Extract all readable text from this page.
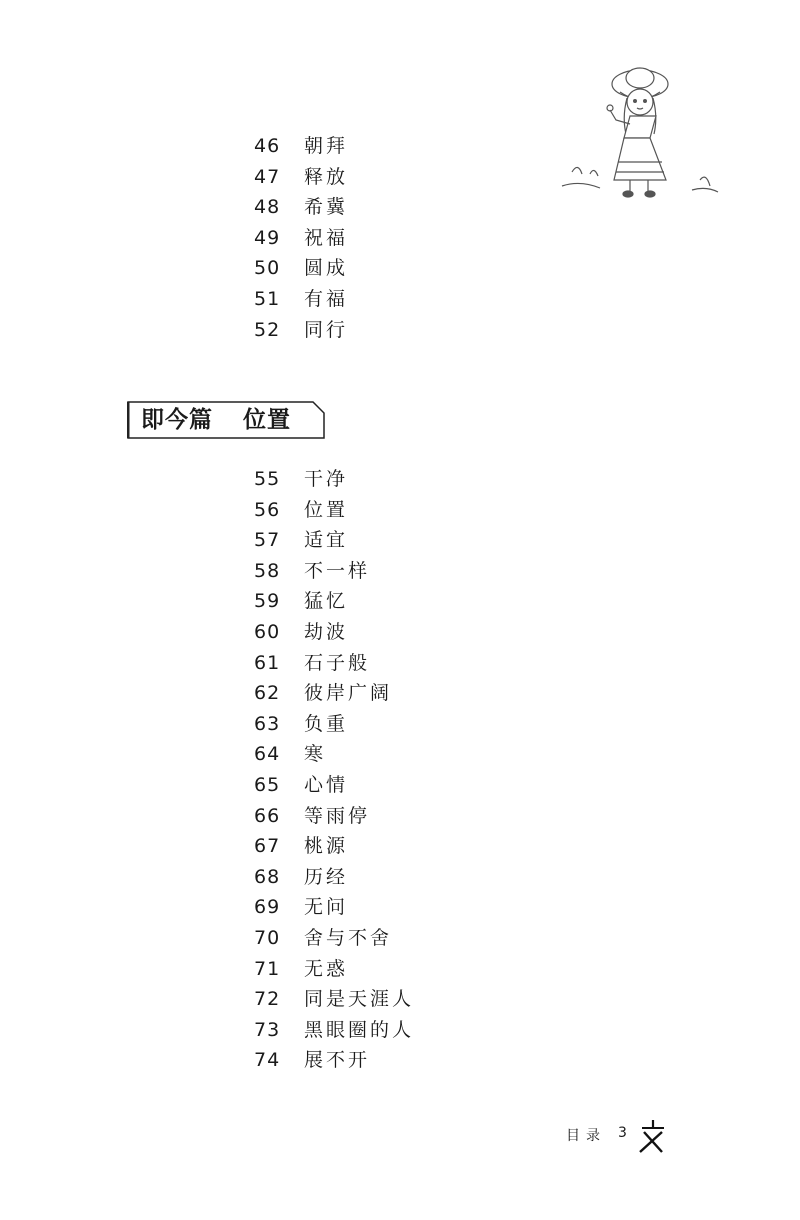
46 朝拜
47 释放
48 希冀
49 祝福
50 圆成
51 有福
52 同行
即今篇 位置
55 干净
56 位置
57 适宜
58 不一样
59 猛忆
60 劫波
61 石子般
62 彼岸广阔
63 负重
64 寒
65 心情
66 等雨停
67 桃源
68 历经
69 无问
70 舍与不舍
71 无惑
72 同是天涯人
73 黑眼圈的人
74 展不开
目录 3
